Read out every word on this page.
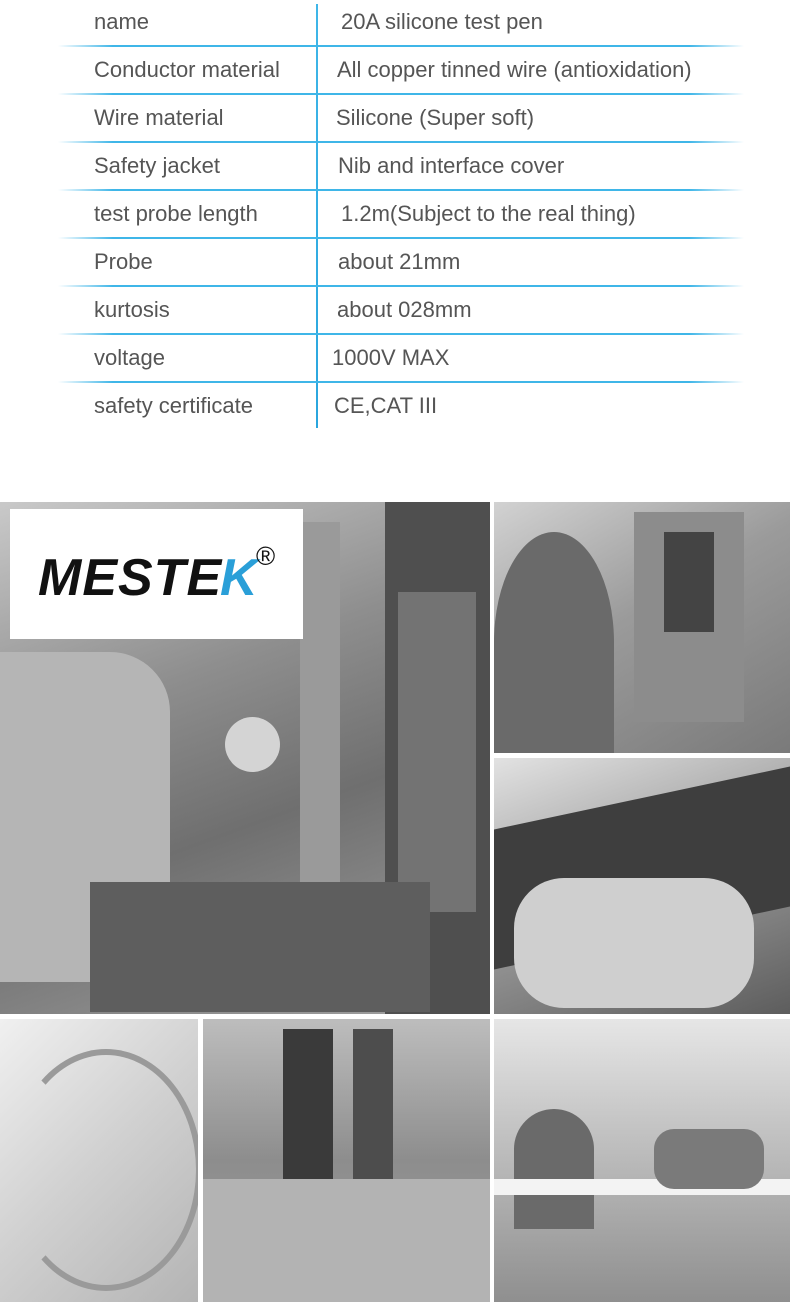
name	20A silicone test pen
Conductor material	All copper tinned wire (antioxidation)
Wire material	Silicone (Super soft)
Safety jacket	Nib and interface cover
test probe length	1.2m(Subject to the real thing)
Probe	about 21mm
kurtosis	about 028mm
voltage	1000V MAX
safety certificate	CE,CAT III
MESTE
K
®
